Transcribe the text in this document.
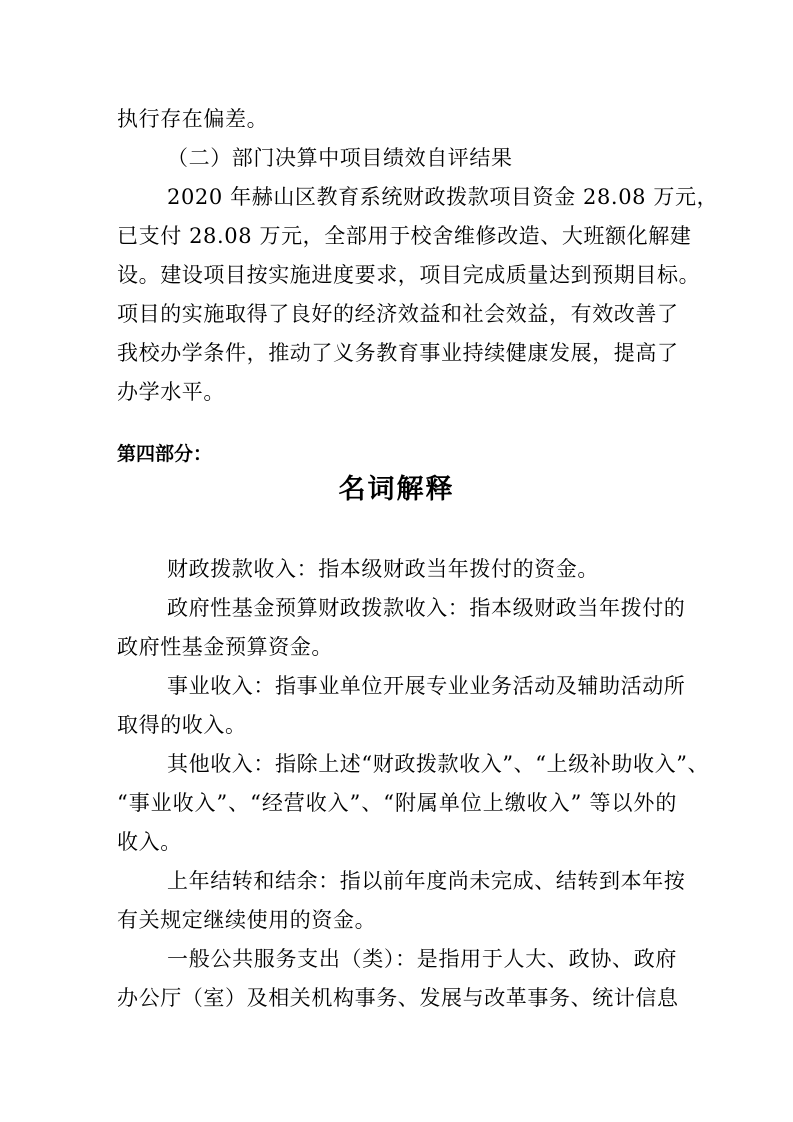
执行存在偏差。
（二）部门决算中项目绩效自评结果
2020 年赫山区教育系统财政拨款项目资金 28.08 万元，
已支付 28.08 万元，全部用于校舍维修改造、大班额化解建
设。建设项目按实施进度要求，项目完成质量达到预期目标。
项目的实施取得了良好的经济效益和社会效益，有效改善了
我校办学条件，推动了义务教育事业持续健康发展，提高了
办学水平。
第四部分：
名词解释
财政拨款收入：指本级财政当年拨付的资金。
政府性基金预算财政拨款收入：指本级财政当年拨付的
政府性基金预算资金。
事业收入：指事业单位开展专业业务活动及辅助活动所
取得的收入。
其他收入：指除上述“财政拨款收入”、“上级补助收入”、
“事业收入”、“经营收入”、“附属单位上缴收入” 等以外的
收入。
上年结转和结余：指以前年度尚未完成、结转到本年按
有关规定继续使用的资金。
一般公共服务支出（类）：是指用于人大、政协、政府
办公厅（室）及相关机构事务、发展与改革事务、统计信息
